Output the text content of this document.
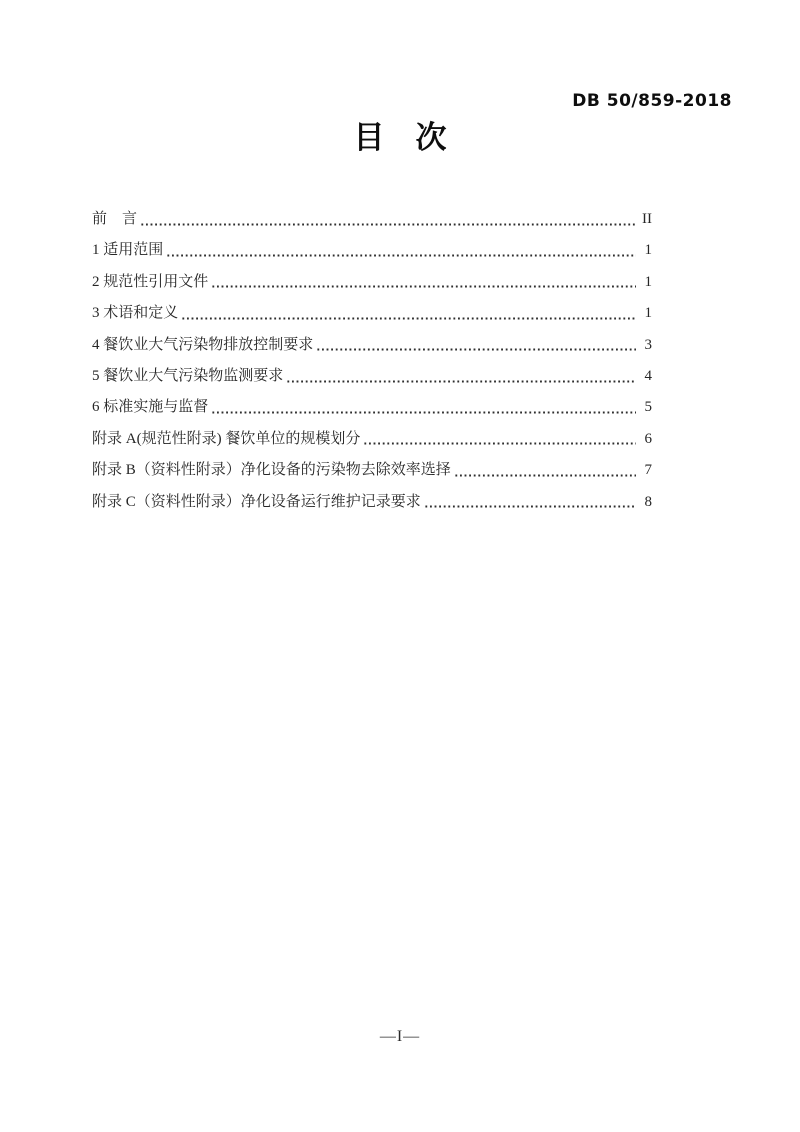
DB 50/859-2018
目　次
前　言	II
1 适用范围	1
2 规范性引用文件	1
3 术语和定义	1
4 餐饮业大气污染物排放控制要求	3
5 餐饮业大气污染物监测要求	4
6 标准实施与监督	5
附录 A(规范性附录) 餐饮单位的规模划分	6
附录 B（资料性附录）净化设备的污染物去除效率选择	7
附录 C（资料性附录）净化设备运行维护记录要求	8
—I—
